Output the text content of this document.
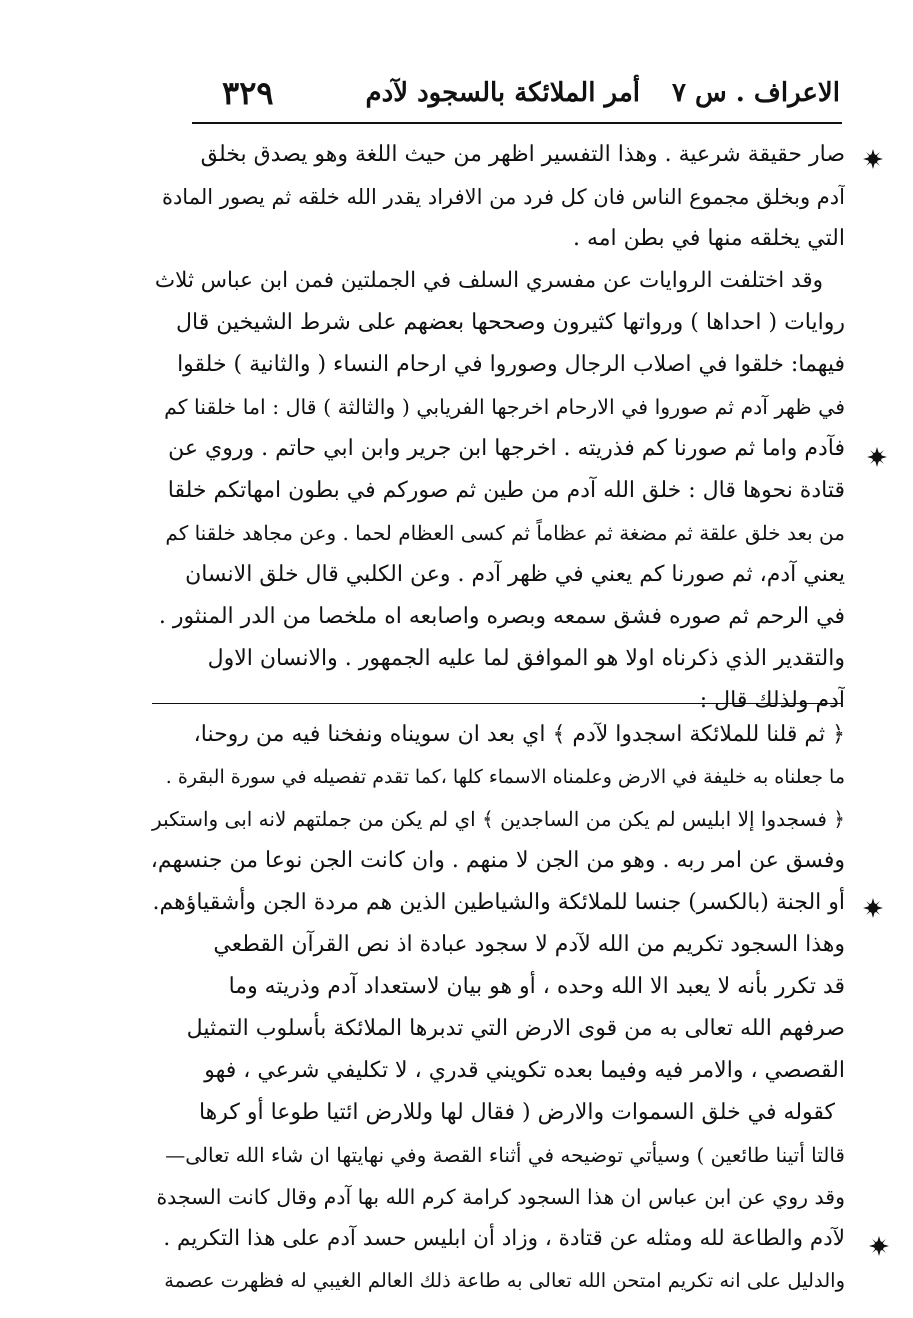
الاعراف . س ٧
أمر الملائكة بالسجود لآدم
٣٢٩
صار حقيقة شرعية . وهذا التفسير اظهر من حيث اللغة وهو يصدق بخلق
آدم وبخلق مجموع الناس فان كل فرد من الافراد يقدر الله خلقه ثم يصور المادة
التي يخلقه منها في بطن امه .
وقد اختلفت الروايات عن مفسري السلف في الجملتين فمن ابن عباس ثلاث
روايات ( احداها ) ورواتها كثيرون وصححها بعضهم على شرط الشيخين قال
فيهما: خلقوا في اصلاب الرجال وصوروا في ارحام النساء ( والثانية ) خلقوا
في ظهر آدم ثم صوروا في الارحام اخرجها الفريابي ( والثالثة ) قال : اما خلقنا كم
فآدم واما ثم صورنا كم فذريته . اخرجها ابن جرير وابن ابي حاتم . وروي عن
قتادة نحوها قال : خلق الله آدم من طين ثم صوركم في بطون امهاتكم خلقا
من بعد خلق علقة ثم مضغة ثم عظاماً ثم كسى العظام لحما . وعن مجاهد خلقنا كم
يعني آدم، ثم صورنا كم يعني في ظهر آدم . وعن الكلبي قال خلق الانسان
في الرحم ثم صوره فشق سمعه وبصره واصابعه اه ملخصا من الدر المنثور .
والتقدير الذي ذكرناه اولا هو الموافق لما عليه الجمهور . والانسان الاول
آدم ولذلك قال :
﴿ ثم قلنا للملائكة اسجدوا لآدم ﴾ اي بعد ان سويناه ونفخنا فيه من روحنا،
ما جعلناه به خليفة في الارض وعلمناه الاسماء كلها ،كما تقدم تفصيله في سورة البقرة .
﴿ فسجدوا إلا ابليس لم يكن من الساجدين ﴾ اي لم يكن من جملتهم لانه ابى واستكبر
وفسق عن امر ربه . وهو من الجن لا منهم . وان كانت الجن نوعا من جنسهم،
أو الجنة (بالكسر) جنسا للملائكة والشياطين الذين هم مردة الجن وأشقياؤهم.
وهذا السجود تكريم من الله لآدم لا سجود عبادة اذ نص القرآن القطعي
قد تكرر بأنه لا يعبد الا الله وحده ، أو هو بيان لاستعداد آدم وذريته وما
صرفهم الله تعالى به من قوى الارض التي تدبرها الملائكة بأسلوب التمثيل
القصصي ، والامر فيه وفيما بعده تكويني قدري ، لا تكليفي شرعي ، فهو
كقوله في خلق السموات والارض ( فقال لها وللارض ائتيا طوعا أو كرها
قالتا أتينا طائعين ) وسيأتي توضيحه في أثناء القصة وفي نهايتها ان شاء الله تعالى—
وقد روي عن ابن عباس ان هذا السجود كرامة كرم الله بها آدم وقال كانت السجدة
لآدم والطاعة لله ومثله عن قتادة ، وزاد أن ابليس حسد آدم على هذا التكريم .
والدليل على انه تكريم امتحن الله تعالى به طاعة ذلك العالم الغيبي له فظهرت عصمة
